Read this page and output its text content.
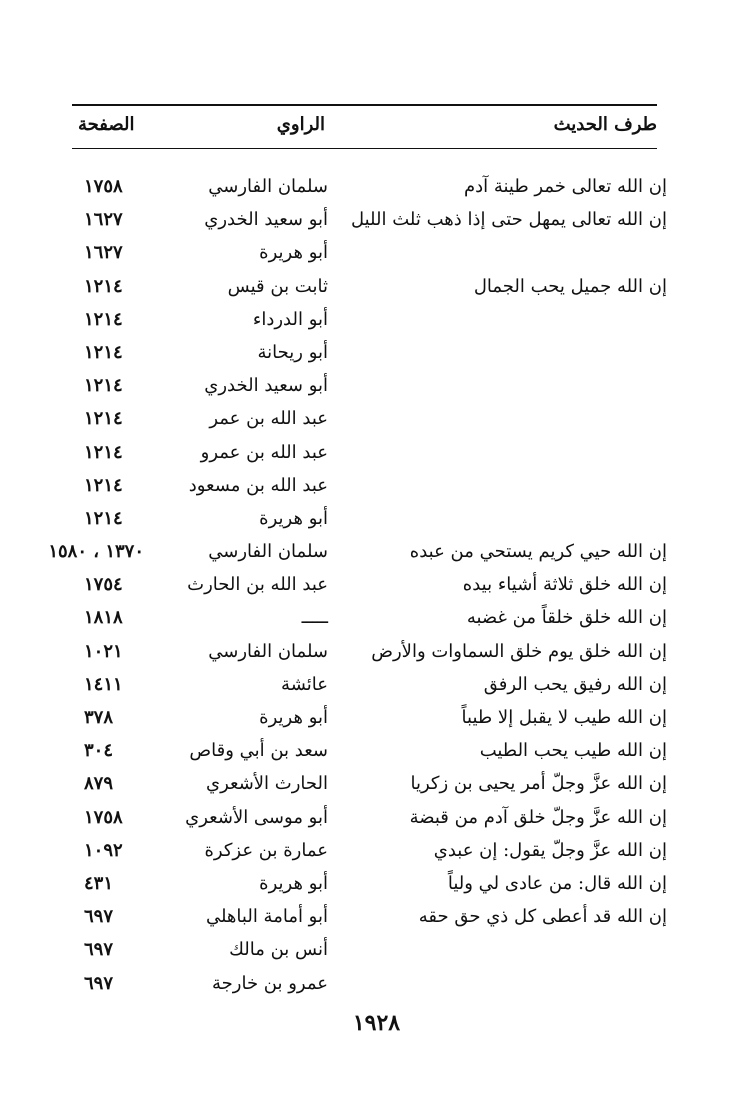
طرف الحديث
الراوي
الصفحة
إن الله تعالى خمر طينة آدم
سلمان الفارسي
١٧٥٨
إن الله تعالى يمهل حتى إذا ذهب ثلث الليل
أبو سعيد الخدري
١٦٢٧
أبو هريرة
١٦٢٧
إن الله جميل يحب الجمال
ثابت بن قيس
١٢١٤
أبو الدرداء
١٢١٤
أبو ريحانة
١٢١٤
أبو سعيد الخدري
١٢١٤
عبد الله بن عمر
١٢١٤
عبد الله بن عمرو
١٢١٤
عبد الله بن مسعود
١٢١٤
أبو هريرة
١٢١٤
إن الله حيي كريم يستحي من عبده
سلمان الفارسي
١٣٧٠ ، ١٥٨٠
إن الله خلق ثلاثة أشياء بيده
عبد الله بن الحارث
١٧٥٤
إن الله خلق خلقاً من غضبه
ـــــ
١٨١٨
إن الله خلق يوم خلق السماوات والأرض
سلمان الفارسي
١٠٢١
إن الله رفيق يحب الرفق
عائشة
١٤١١
إن الله طيب لا يقبل إلا طيباً
أبو هريرة
٣٧٨
إن الله طيب يحب الطيب
سعد بن أبي وقاص
٣٠٤
إن الله عزَّ وجلّ أمر يحيى بن زكريا
الحارث الأشعري
٨٧٩
إن الله عزَّ وجلّ خلق آدم من قبضة
أبو موسى الأشعري
١٧٥٨
إن الله عزَّ وجلّ يقول: إن عبدي
عمارة بن عزكرة
١٠٩٢
إن الله قال: من عادى لي ولياً
أبو هريرة
٤٣١
إن الله قد أعطى كل ذي حق حقه
أبو أمامة الباهلي
٦٩٧
أنس بن مالك
٦٩٧
عمرو بن خارجة
٦٩٧
١٩٢٨
